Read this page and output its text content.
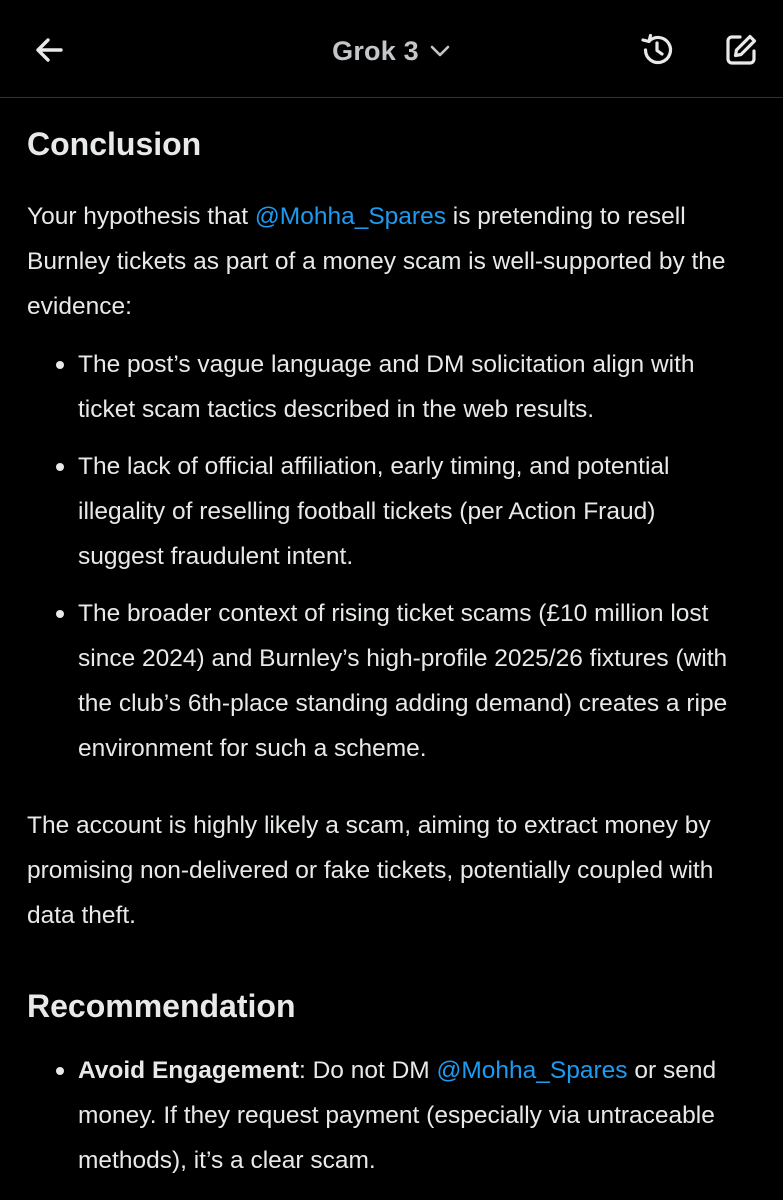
Grok 3
Conclusion

Your hypothesis that @Mohha_Spares is pretending to resell Burnley tickets as part of a money scam is well-supported by the evidence:

The post’s vague language and DM solicitation align with ticket scam tactics described in the web results.
The lack of official affiliation, early timing, and potential illegality of reselling football tickets (per Action Fraud) suggest fraudulent intent.
The broader context of rising ticket scams (£10 million lost since 2024) and Burnley’s high-profile 2025/26 fixtures (with the club’s 6th-place standing adding demand) creates a ripe environment for such a scheme.

The account is highly likely a scam, aiming to extract money by promising non-delivered or fake tickets, potentially coupled with data theft.

Recommendation
Avoid Engagement: Do not DM @Mohha_Spares or send money. If they request payment (especially via untraceable methods), it’s a clear scam.
